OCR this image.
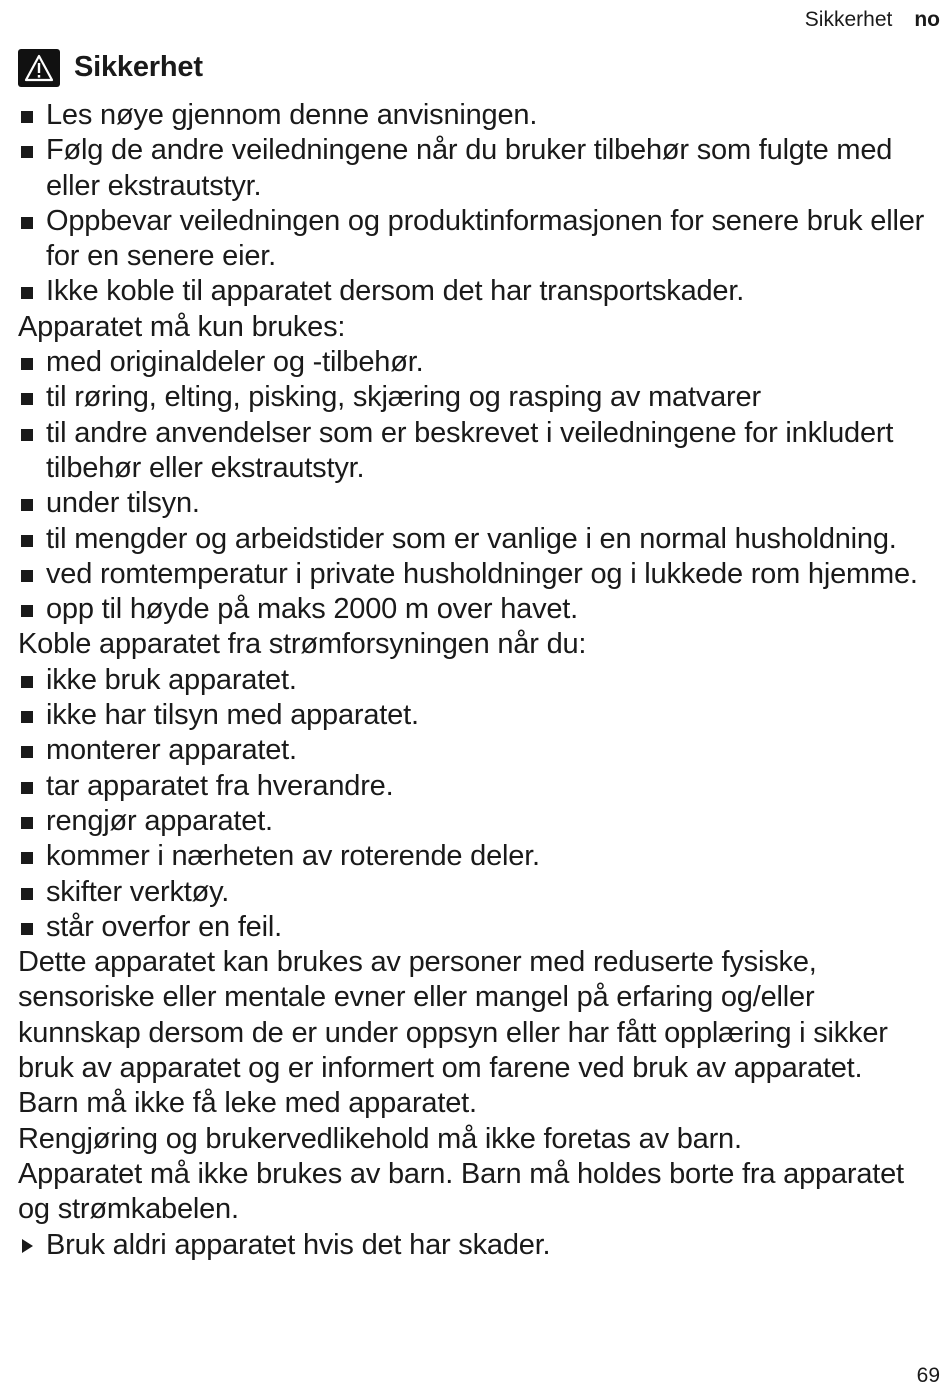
Sikkerhet no
Sikkerhet
Les nøye gjennom denne anvisningen.
Følg de andre veiledningene når du bruker tilbehør som fulgte med eller ekstrautstyr.
Oppbevar veiledningen og produktinformasjonen for senere bruk eller for en senere eier.
Ikke koble til apparatet dersom det har transportskader.
Apparatet må kun brukes:
med originaldeler og -tilbehør.
til røring, elting, pisking, skjæring og rasping av matvarer
til andre anvendelser som er beskrevet i veiledningene for inkludert tilbehør eller ekstrautstyr.
under tilsyn.
til mengder og arbeidstider som er vanlige i en normal husholdning.
ved romtemperatur i private husholdninger og i lukkede rom hjemme.
opp til høyde på maks 2000 m over havet.
Koble apparatet fra strømforsyningen når du:
ikke bruk apparatet.
ikke har tilsyn med apparatet.
monterer apparatet.
tar apparatet fra hverandre.
rengjør apparatet.
kommer i nærheten av roterende deler.
skifter verktøy.
står overfor en feil.
Dette apparatet kan brukes av personer med reduserte fysiske, sensoriske eller mentale evner eller mangel på erfaring og/eller kunnskap dersom de er under oppsyn eller har fått opplæring i sikker bruk av apparatet og er informert om farene ved bruk av apparatet.
Barn må ikke få leke med apparatet.
Rengjøring og brukervedlikehold må ikke foretas av barn.
Apparatet må ikke brukes av barn. Barn må holdes borte fra apparatet og strømkabelen.
Bruk aldri apparatet hvis det har skader.
69
